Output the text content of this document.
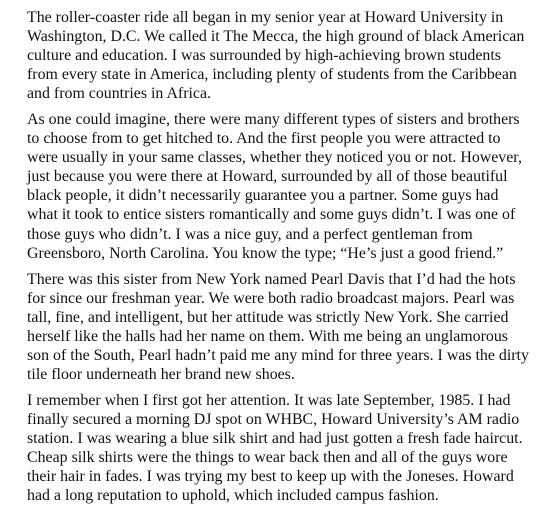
The roller-coaster ride all began in my senior year at Howard University in Washington, D.C. We called it The Mecca, the high ground of black American culture and education. I was surrounded by high-achieving brown students from every state in America, including plenty of students from the Caribbean and from countries in Africa.

As one could imagine, there were many different types of sisters and brothers to choose from to get hitched to. And the first people you were attracted to were usually in your same classes, whether they noticed you or not. However, just because you were there at Howard, surrounded by all of those beautiful black people, it didn’t necessarily guarantee you a partner. Some guys had what it took to entice sisters romantically and some guys didn’t. I was one of those guys who didn’t. I was a nice guy, and a perfect gentleman from Greensboro, North Carolina. You know the type; “He’s just a good friend.”

There was this sister from New York named Pearl Davis that I’d had the hots for since our freshman year. We were both radio broadcast majors. Pearl was tall, fine, and intelligent, but her attitude was strictly New York. She carried herself like the halls had her name on them. With me being an unglamorous son of the South, Pearl hadn’t paid me any mind for three years. I was the dirty tile floor underneath her brand new shoes.

I remember when I first got her attention. It was late September, 1985. I had finally secured a morning DJ spot on WHBC, Howard University’s AM radio station. I was wearing a blue silk shirt and had just gotten a fresh fade haircut. Cheap silk shirts were the things to wear back then and all of the guys wore their hair in fades. I was trying my best to keep up with the Joneses. Howard had a long reputation to uphold, which included campus fashion.
